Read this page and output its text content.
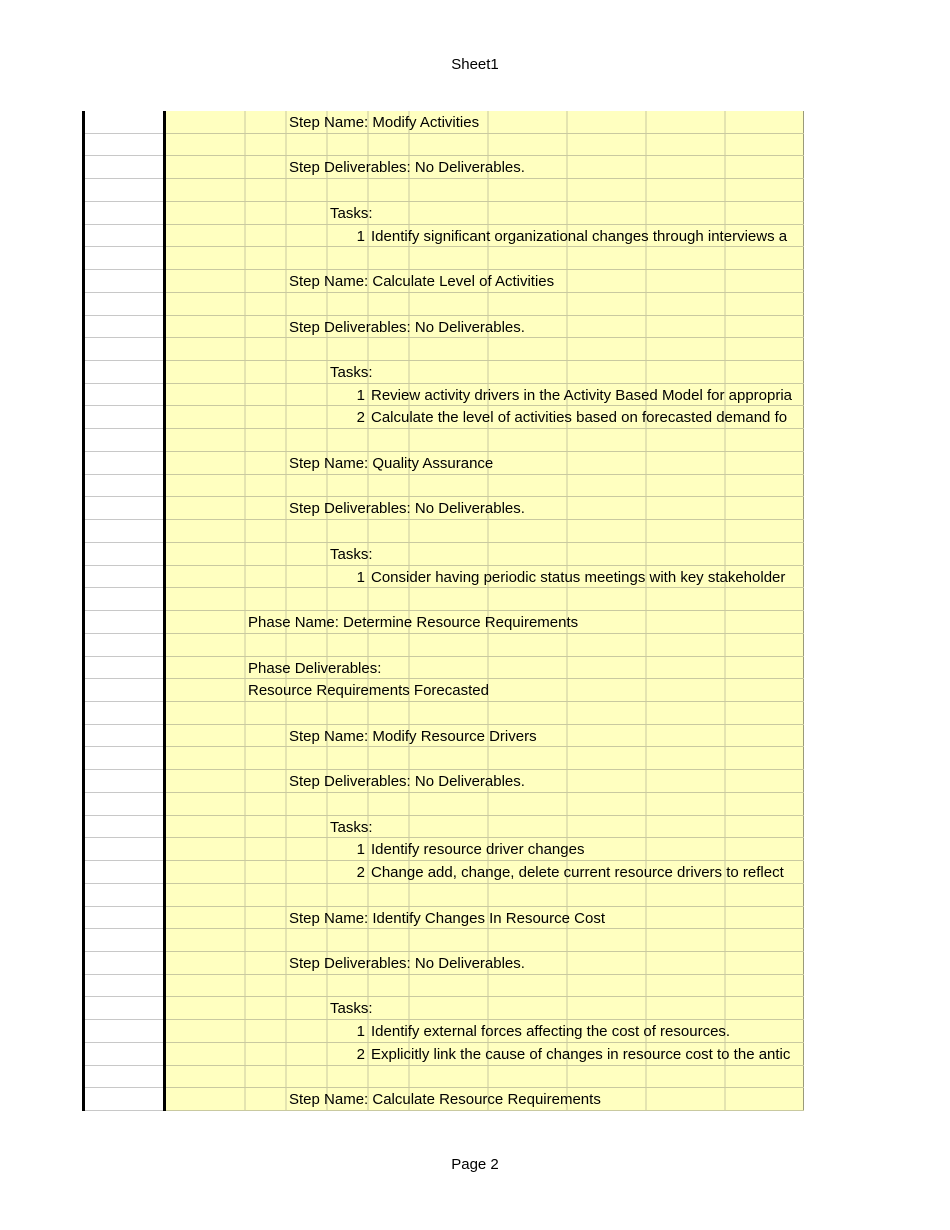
Sheet1
Step Name: Modify Activities
Step Deliverables: No Deliverables.
Tasks:
1 Identify significant organizational changes through interviews a
Step Name: Calculate Level of Activities
Step Deliverables: No Deliverables.
Tasks:
1 Review activity drivers in the Activity Based Model for appropria
2 Calculate the level of activities based on forecasted demand fo
Step Name: Quality Assurance
Step Deliverables: No Deliverables.
Tasks:
1 Consider having periodic status meetings with key stakeholder
Phase Name: Determine Resource Requirements
Phase Deliverables:
Resource Requirements Forecasted
Step Name: Modify Resource Drivers
Step Deliverables: No Deliverables.
Tasks:
1 Identify resource driver changes
2 Change add, change, delete current resource drivers to reflect
Step Name: Identify Changes In Resource Cost
Step Deliverables: No Deliverables.
Tasks:
1 Identify external forces affecting the cost of resources.
2 Explicitly link the cause of changes in resource cost to the antic
Step Name: Calculate Resource Requirements
Page 2
